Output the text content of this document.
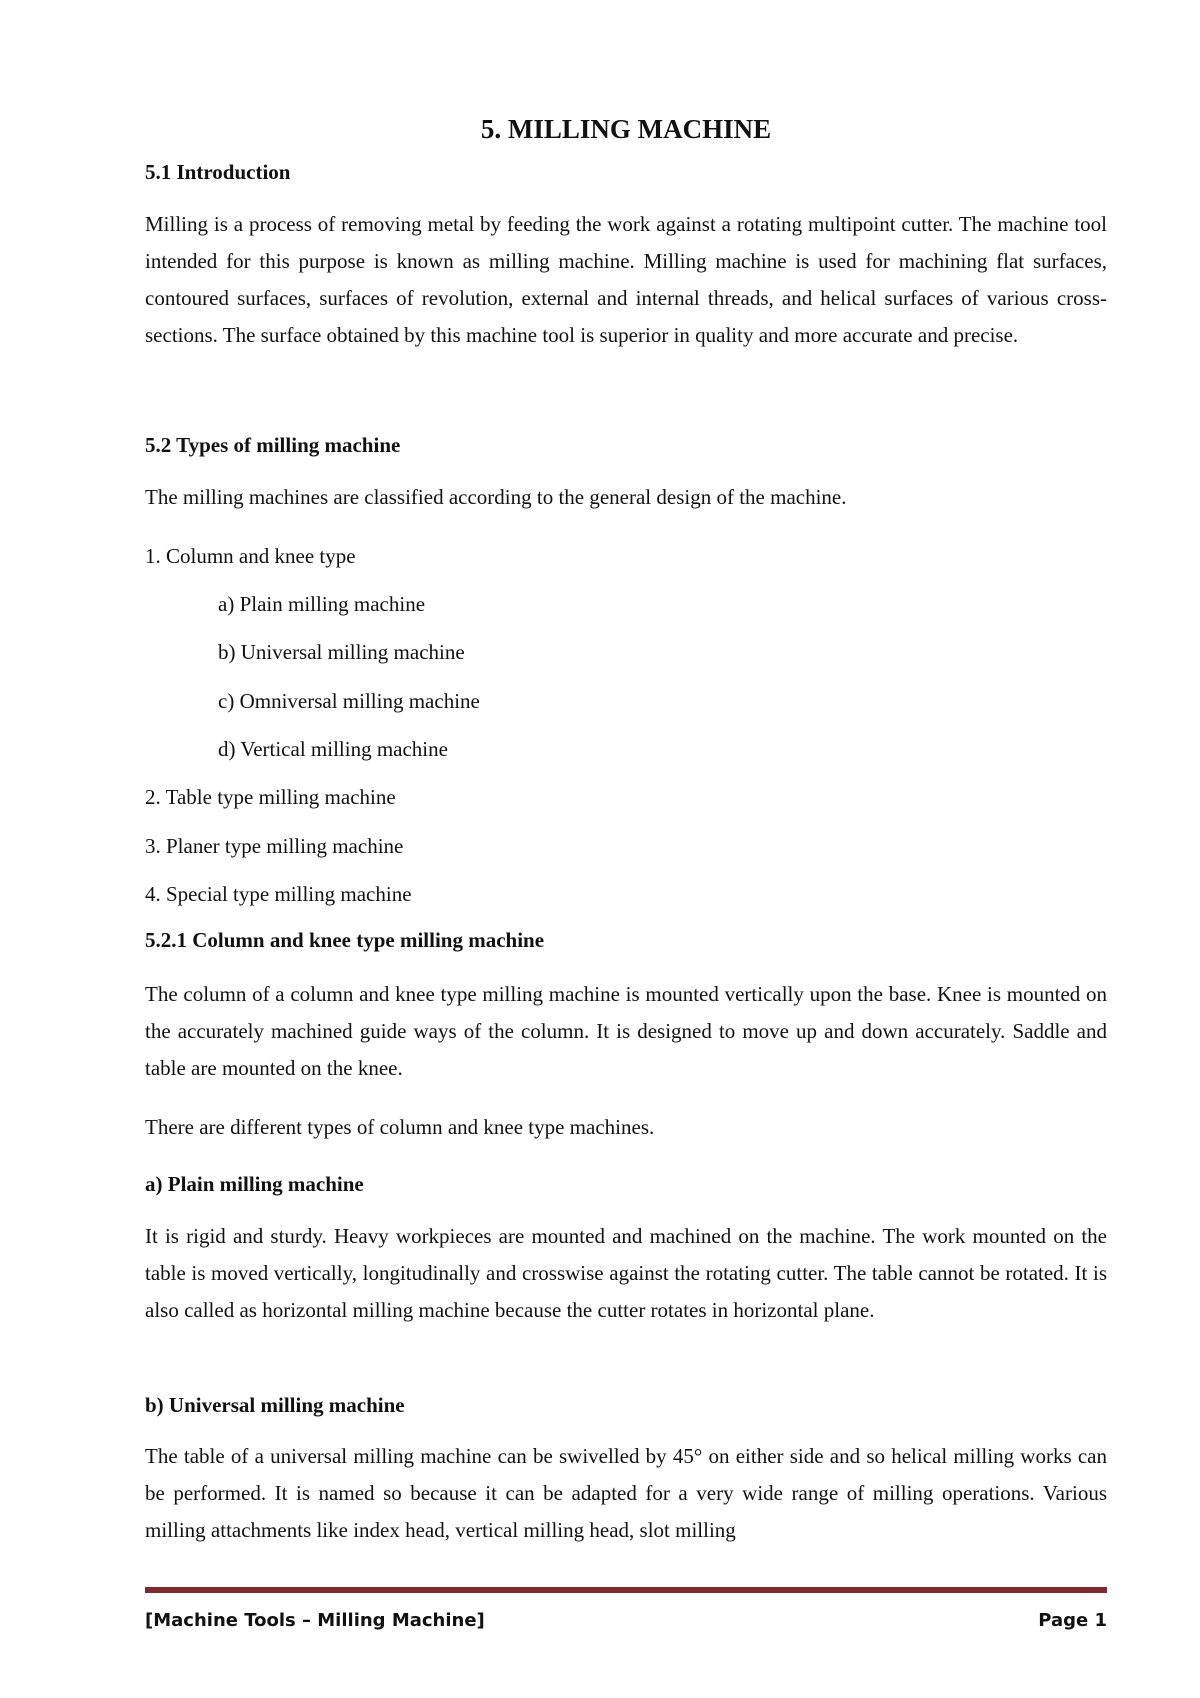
5. MILLING MACHINE
5.1 Introduction

Milling is a process of removing metal by feeding the work against a rotating multipoint cutter. The machine tool intended for this purpose is known as milling machine. Milling machine is used for machining flat surfaces, contoured surfaces, surfaces of revolution, external and internal threads, and helical surfaces of various cross-sections. The surface obtained by this machine tool is superior in quality and more accurate and precise.

5.2 Types of milling machine

The milling machines are classified according to the general design of the machine.

1. Column and knee type

a) Plain milling machine

b) Universal milling machine

c) Omniversal milling machine

d) Vertical milling machine

2. Table type milling machine

3. Planer type milling machine

4. Special type milling machine

5.2.1 Column and knee type milling machine

The column of a column and knee type milling machine is mounted vertically upon the base. Knee is mounted on the accurately machined guide ways of the column. It is designed to move up and down accurately. Saddle and table are mounted on the knee.

There are different types of column and knee type machines.

a) Plain milling machine

It is rigid and sturdy. Heavy workpieces are mounted and machined on the machine. The work mounted on the table is moved vertically, longitudinally and crosswise against the rotating cutter. The table cannot be rotated. It is also called as horizontal milling machine because the cutter rotates in horizontal plane.

b) Universal milling machine

The table of a universal milling machine can be swivelled by 45° on either side and so helical milling works can be performed. It is named so because it can be adapted for a very wide range of milling operations. Various milling attachments like index head, vertical milling head, slot milling

[Machine Tools – Milling Machine]	Page 1
